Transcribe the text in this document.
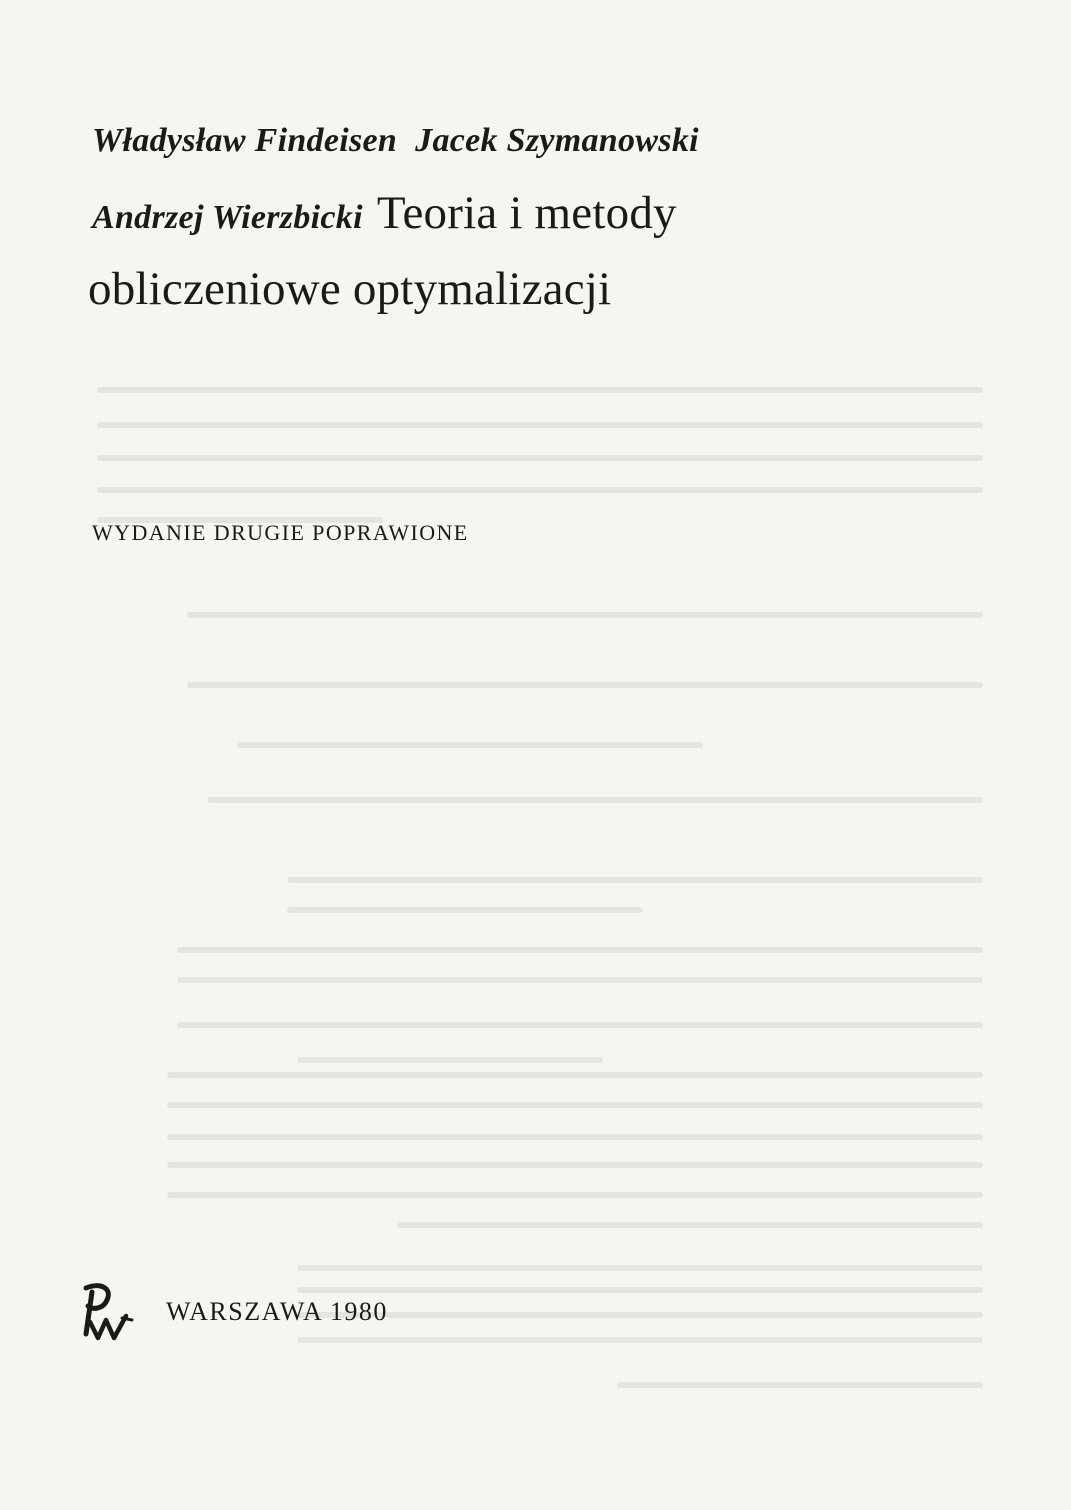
Władysław Findeisen Jacek Szymanowski
Andrzej Wierzbicki Teoria i metody
obliczeniowe optymalizacji
WYDANIE DRUGIE POPRAWIONE
WARSZAWA 1980
